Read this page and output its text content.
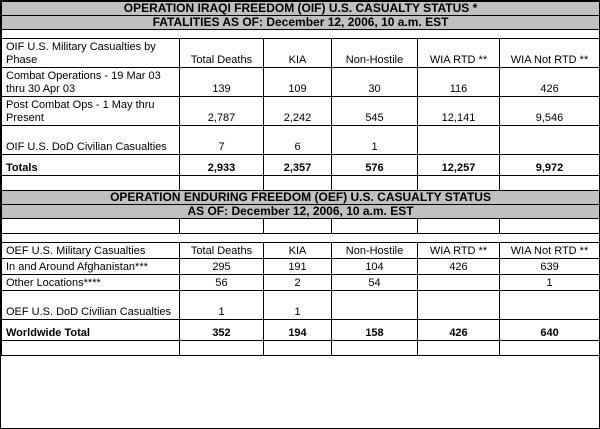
OPERATION IRAQI FREEDOM (OIF) U.S. CASUALTY STATUS *					
FATALITIES AS OF: December 12, 2006, 10 a.m. EST					

OIF U.S. Military Casualties by Phase	Total Deaths	KIA	Non-Hostile	WIA RTD **	WIA Not RTD **
Combat Operations - 19 Mar 03 thru 30 Apr 03	139	109	30	116	426
Post Combat Ops - 1 May thru Present	2,787	2,242	545	12,141	9,546
OIF U.S. DoD Civilian Casualties	7	6	1		
Totals	2,933	2,357	576	12,257	9,972

OPERATION ENDURING FREEDOM (OEF) U.S. CASUALTY STATUS					
AS OF: December 12, 2006, 10 a.m. EST					

OEF U.S. Military Casualties	Total Deaths	KIA	Non-Hostile	WIA RTD **	WIA Not RTD **
In and Around Afghanistan***	295	191	104	426	639
Other Locations****	56	2	54		1
OEF U.S. DoD Civilian Casualties	1	1			
Worldwide Total	352	194	158	426	640
